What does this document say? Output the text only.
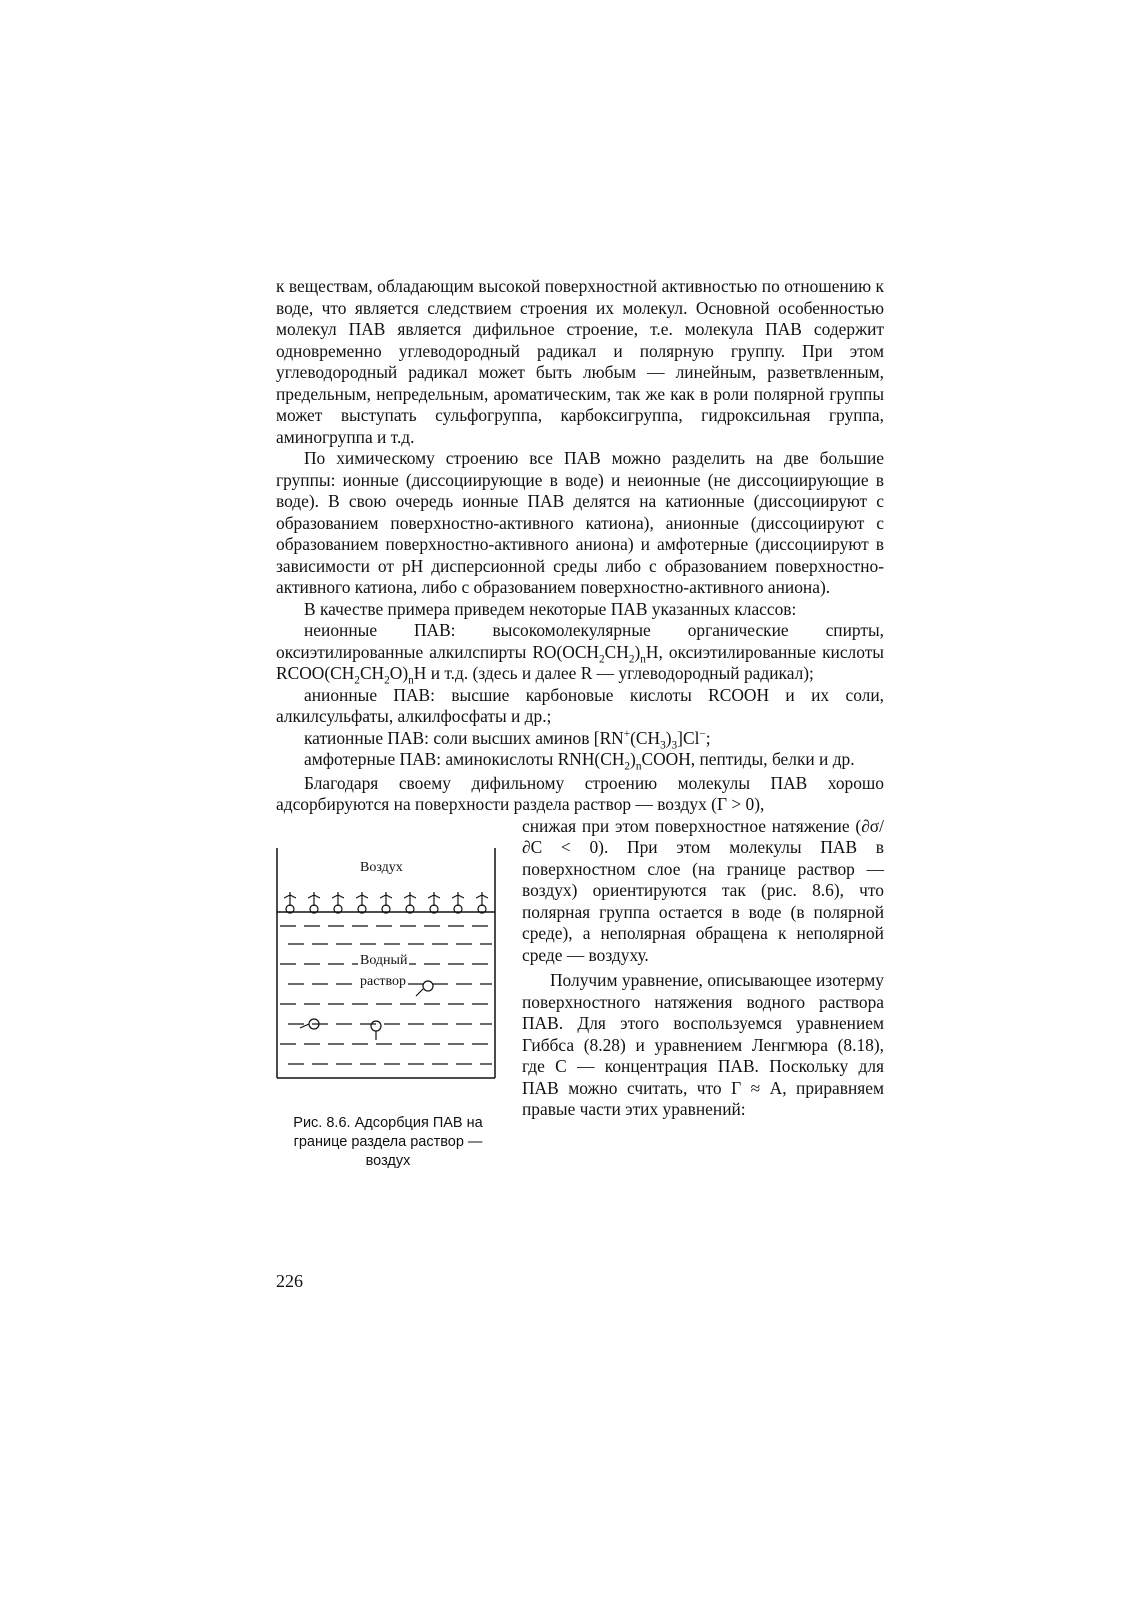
к веществам, обладающим высокой поверхностной активностью по отношению к воде, что является следствием строения их молекул. Основной особенностью молекул ПАВ является дифильное строение, т.е. молекула ПАВ содержит одновременно углеводородный радикал и полярную группу. При этом углеводородный радикал может быть любым — линейным, разветвленным, предельным, непредельным, ароматическим, так же как в роли полярной группы может выступать сульфогруппа, карбоксигруппа, гидроксильная группа, аминогруппа и т.д.

По химическому строению все ПАВ можно разделить на две большие группы: ионные (диссоциирующие в воде) и неионные (не диссоциирующие в воде). В свою очередь ионные ПАВ делятся на катионные (диссоциируют с образованием поверхностно-активного катиона), анионные (диссоциируют с образованием поверхностно-активного аниона) и амфотерные (диссоциируют в зависимости от pH дисперсионной среды либо с образованием поверхностно-активного катиона, либо с образованием поверхностно-активного аниона).

В качестве примера приведем некоторые ПАВ указанных классов:

неионные ПАВ: высокомолекулярные органические спирты, оксиэтилированные алкилспирты $RO(OCH_2CH_2)_nH$, оксиэтилированные кислоты $RCOO(CH_2CH_2O)_nH$ и т.д. (здесь и далее R — углеводородный радикал);

анионные ПАВ: высшие карбоновые кислоты RCOOH и их соли, алкилсульфаты, алкилфосфаты и др.;

катионные ПАВ: соли высших аминов $[RN^+(CH_3)_3]Cl^-$;

амфотерные ПАВ: аминокислоты $RNH(CH_2)_nCOOH$, пептиды, белки и др.

Благодаря своему дифильному строению молекулы ПАВ хорошо адсорбируются на поверхности раздела раствор — воздух (Г > 0),

снижая при этом поверхностное натяжение (∂σ/∂C < 0). При этом молекулы ПАВ в поверхностном слое (на границе раствор — воздух) ориентируются так (рис. 8.6), что полярная группа остается в воде (в полярной среде), а неполярная обращена к неполярной среде — воздуху.

Получим уравнение, описывающее изотерму поверхностного натяжения водного раствора ПАВ. Для этого воспользуемся уравнением Гиббса (8.28) и уравнением Ленгмюра (8.18), где C — концентрация ПАВ. Поскольку для ПАВ можно считать, что Г ≈ A, приравняем правые части этих уравнений:

Воздух
Водный
раствор
Рис. 8.6. Адсорбция ПАВ на границе раздела раствор — воздух
226
